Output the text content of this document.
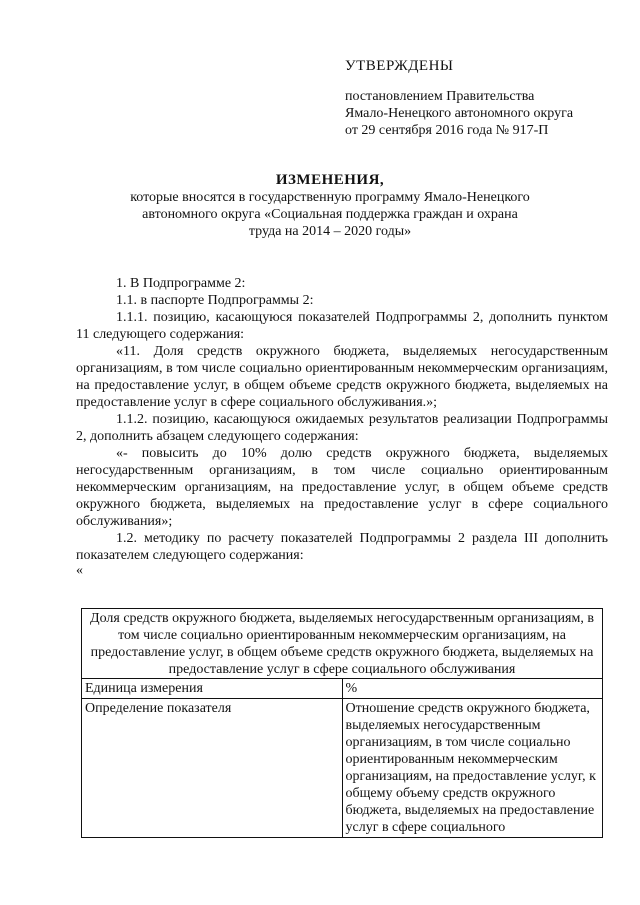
УТВЕРЖДЕНЫ
постановлением Правительства
Ямало-Ненецкого автономного округа
от 29 сентября 2016 года № 917-П
ИЗМЕНЕНИЯ,
которые вносятся в государственную программу Ямало-Ненецкого
автономного округа «Социальная поддержка граждан и охрана
труда на 2014 – 2020 годы»

1. В Подпрограмме 2:

1.1. в паспорте Подпрограммы 2:

1.1.1. позицию, касающуюся показателей Подпрограммы 2, дополнить пунктом 11 следующего содержания:

«11. Доля средств окружного бюджета, выделяемых негосударственным организациям, в том числе социально ориентированным некоммерческим организациям, на предоставление услуг, в общем объеме средств окружного бюджета, выделяемых на предоставление услуг в сфере социального обслуживания.»;

1.1.2. позицию, касающуюся ожидаемых результатов реализации Подпрограммы 2, дополнить абзацем следующего содержания:

«- повысить до 10% долю средств окружного бюджета, выделяемых негосударственным организациям, в том числе социально ориентированным некоммерческим организациям, на предоставление услуг, в общем объеме средств окружного бюджета, выделяемых на предоставление услуг в сфере социального обслуживания»;

1.2. методику по расчету показателей Подпрограммы 2 раздела III дополнить показателем следующего содержания:

«

Доля средств окружного бюджета, выделяемых негосударственным организациям, в том числе социально ориентированным некоммерческим организациям, на предоставление услуг, в общем объеме средств окружного бюджета, выделяемых на предоставление услуг в сфере социального обслуживания	
Единица измерения	%
Определение показателя	Отношение средств окружного бюджета, выделяемых негосударственным организациям, в том числе социально ориентированным некоммерческим организациям, на предоставление услуг, к общему объему средств окружного бюджета, выделяемых на предоставление услуг в сфере социального
